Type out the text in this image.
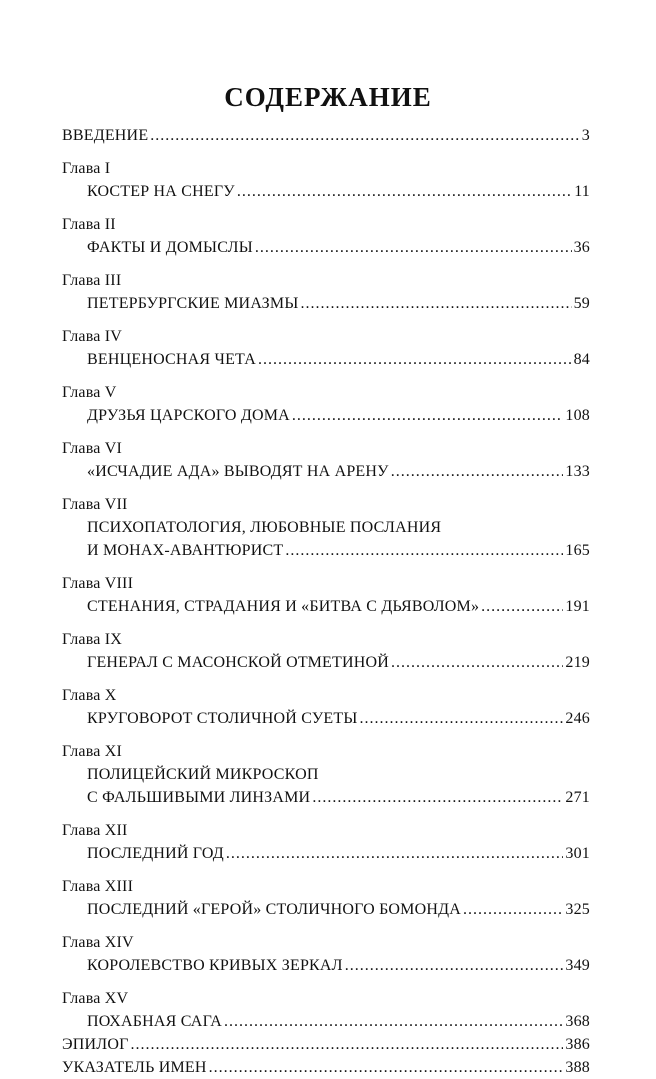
СОДЕРЖАНИЕ
ВВЕДЕНИЕ .....	3
Глава I
КОСТЕР НА СНЕГУ .....	11
Глава II
ФАКТЫ И ДОМЫСЛЫ .....	36
Глава III
ПЕТЕРБУРГСКИЕ МИАЗМЫ .....	59
Глава IV
ВЕНЦЕНОСНАЯ ЧЕТА .....	84
Глава V
ДРУЗЬЯ ЦАРСКОГО ДОМА .....	108
Глава VI
«ИСЧАДИЕ АДА» ВЫВОДЯТ НА АРЕНУ .....	133
Глава VII
ПСИХОПАТОЛОГИЯ, ЛЮБОВНЫЕ ПОСЛАНИЯ
И МОНАХ-АВАНТЮРИСТ .....	165
Глава VIII
СТЕНАНИЯ, СТРАДАНИЯ И «БИТВА С ДЬЯВОЛОМ» .....	191
Глава IX
ГЕНЕРАЛ С МАСОНСКОЙ ОТМЕТИНОЙ .....	219
Глава X
КРУГОВОРОТ СТОЛИЧНОЙ СУЕТЫ .....	246
Глава XI
ПОЛИЦЕЙСКИЙ МИКРОСКОП
С ФАЛЬШИВЫМИ ЛИНЗАМИ .....	271
Глава XII
ПОСЛЕДНИЙ ГОД .....	301
Глава XIII
ПОСЛЕДНИЙ «ГЕРОЙ» СТОЛИЧНОГО БОМОНДА .....	325
Глава XIV
КОРОЛЕВСТВО КРИВЫХ ЗЕРКАЛ .....	349
Глава XV
ПОХАБНАЯ САГА .....	368
ЭПИЛОГ .....	386
УКАЗАТЕЛЬ ИМЕН .....	388
